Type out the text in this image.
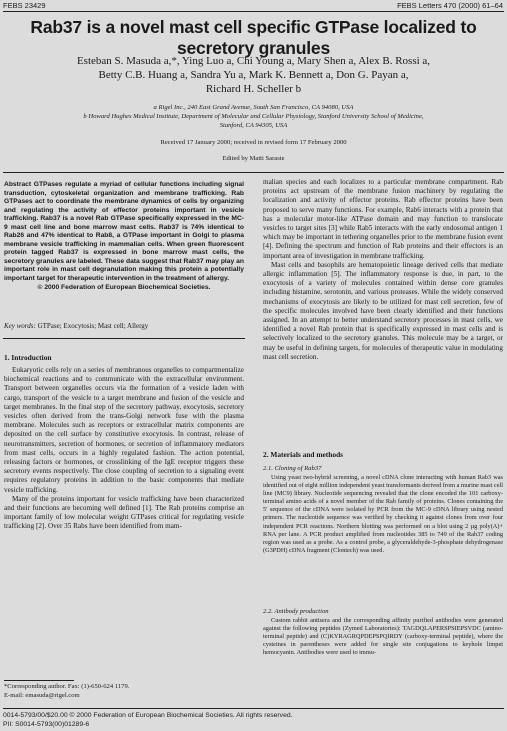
FEBS 23429	FEBS Letters 470 (2000) 61–64
Rab37 is a novel mast cell specific GTPase localized to secretory granules
Esteban S. Masuda a,*, Ying Luo a, Chi Young a, Mary Shen a, Alex B. Rossi a,
Betty C.B. Huang a, Sandra Yu a, Mark K. Bennett a, Don G. Payan a,
Richard H. Scheller b
a Rigel Inc., 240 East Grand Avenue, South San Francisco, CA 94080, USA
b Howard Hughes Medical Institute, Department of Molecular and Cellular Physiology, Stanford University School of Medicine,
Stanford, CA 94305, USA
Received 17 January 2000; received in revised form 17 February 2000
Edited by Matti Saraste
Abstract GTPases regulate a myriad of cellular functions including signal transduction, cytoskeletal organization and membrane trafficking. Rab GTPases act to coordinate the membrane dynamics of cells by organizing and regulating the activity of effector proteins important in vesicle trafficking. Rab37 is a novel Rab GTPase specifically expressed in the MC-9 mast cell line and bone marrow mast cells. Rab37 is 74% identical to Rab26 and 47% identical to Rab8, a GTPase important in Golgi to plasma membrane vesicle trafficking in mammalian cells. When green fluorescent protein tagged Rab37 is expressed in bone marrow mast cells, the secretory granules are labeled. These data suggest that Rab37 may play an important role in mast cell degranulation making this protein a potentially important target for therapeutic intervention in the treatment of allergy.
© 2000 Federation of European Biochemical Societies.
Key words: GTPase; Exocytosis; Mast cell; Allergy
1. Introduction

Eukaryotic cells rely on a series of membranous organelles to compartmentalize biochemical reactions and to communicate with the extracellular environment. Transport between organelles occurs via the formation of a vesicle laden with cargo, transport of the vesicle to a target membrane and fusion of the vesicle and target membranes. In the final step of the secretory pathway, exocytosis, secretory vesicles often derived from the trans-Golgi network fuse with the plasma membrane. Molecules such as receptors or extracellular matrix components are deposited on the cell surface by constitutive exocytosis. In contrast, release of neurotransmitters, secretion of hormones, or secretion of inflammatory mediators from mast cells, occurs in a highly regulated fashion. The action potential, releasing factors or hormones, or crosslinking of the IgE receptor triggers these secretory events respectively. The close coupling of secretion to a signaling event requires regulatory proteins in addition to the basic components that mediate vesicle trafficking.

Many of the proteins important for vesicle trafficking have been characterized and their functions are becoming well defined [1]. The Rab proteins comprise an important family of low molecular weight GTPases critical for regulating vesicle trafficking [2]. Over 35 Rabs have been identified from mam-

*Corresponding author. Fax: (1)-650-624 1179.
E-mail: emasuda@rigel.com

malian species and each localizes to a particular membrane compartment. Rab proteins act upstream of the membrane fusion machinery by regulating the localization and activity of effector proteins. Rab effector proteins have been proposed to serve many functions. For example, Rab6 interacts with a protein that has a molecular motor-like ATPase domain and may function to translocate vesicles to target sites [3] while Rab5 interacts with the early endosomal antigen 1 which may be important in tethering organelles prior to the membrane fusion event [4]. Defining the spectrum and function of Rab proteins and their effectors is an important area of investigation in membrane trafficking.

Mast cells and basophils are hematopoietic lineage derived cells that mediate allergic inflammation [5]. The inflammatory response is due, in part, to the exocytosis of a variety of molecules contained within dense core granules including histamine, serotonin, and various proteases. While the widely conserved mechanisms of exocytosis are likely to be utilized for mast cell secretion, few of the specific molecules involved have been clearly identified and their functions assigned. In an attempt to better understand secretory processes in mast cells, we identified a novel Rab protein that is specifically expressed in mast cells and is selectively localized to the secretory granules. This molecule may be a target, or may be useful in defining targets, for molecules of therapeutic value in modulating mast cell secretion.

2. Materials and methods
2.1. Cloning of Rab37

Using yeast two-hybrid screening, a novel cDNA clone interacting with human Rab3 was identified out of eight million independent yeast transformants derived from a murine mast cell line (MC9) library. Nucleotide sequencing revealed that the clone encoded the 101 carboxy-terminal amino acids of a novel member of the Rab family of proteins. Clones containing the 5′ sequence of the cDNA were isolated by PCR from the MC-9 cDNA library using nested primers. The nucleotide sequence was verified by checking it against clones from over four independent PCR reactions. Northern blotting was performed on a blot using 2 µg poly(A)+ RNA per lane. A PCR product amplified from nucleotides 385 to 749 of the Rab37 coding region was used as a probe. As a control probe, a glyceraldehyde-3-phosphate dehydrogenase (G3PDH) cDNA fragment (Clontech) was used.

2.2. Antibody production

Custom rabbit antisera and the corresponding affinity purified antibodies were generated against the following peptides (Zymed Laboratories): TAGDQLAPERSPSIEPSVDC (amino-terminal peptide) and (C)KYRAGRQPDEPSPQIRDY (carboxy-terminal peptide), where the cysteines in parentheses were added for single site conjugations to keyhole limpet hemocyanin. Antibodies were used to immu-

0014-5793/00/$20.00 © 2000 Federation of European Biochemical Societies. All rights reserved.
PII: S0014-5793(00)01289-6
